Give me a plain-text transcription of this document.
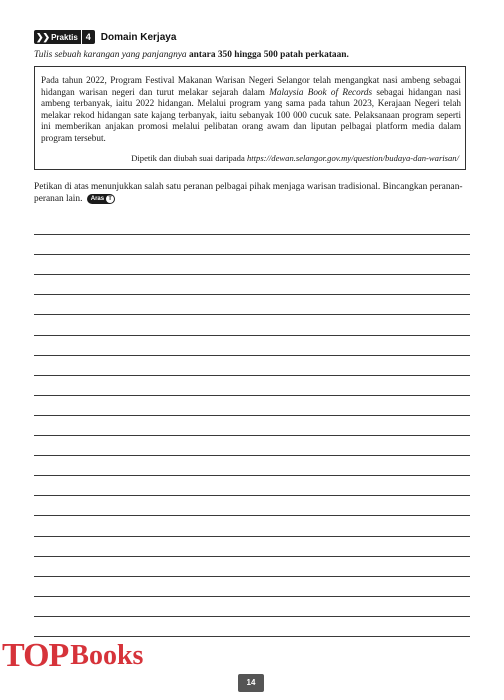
❯❯ Praktis 4	Domain Kerjaya
Tulis sebuah karangan yang panjangnya antara 350 hingga 500 patah perkataan.

Pada tahun 2022, Program Festival Makanan Warisan Negeri Selangor telah mengangkat nasi ambeng sebagai hidangan warisan negeri dan turut melakar sejarah dalam Malaysia Book of Records sebagai hidangan nasi ambeng terbanyak, iaitu 2022 hidangan. Melalui program yang sama pada tahun 2023, Kerajaan Negeri telah melakar rekod hidangan sate kajang terbanyak, iaitu sebanyak 100 000 cucuk sate. Pelaksanaan program seperti ini memberikan anjakan promosi melalui pelibatan orang awam dan liputan pelbagai platform media dalam program tersebut.

Dipetik dan diubah suai daripada https://dewan.selangor.gov.my/question/budaya-dan-warisan/
Petikan di atas menunjukkan salah satu peranan pelbagai pihak menjaga warisan tradisional. Bincangkan peranan-peranan lain. Aras T
TOP Books
14
